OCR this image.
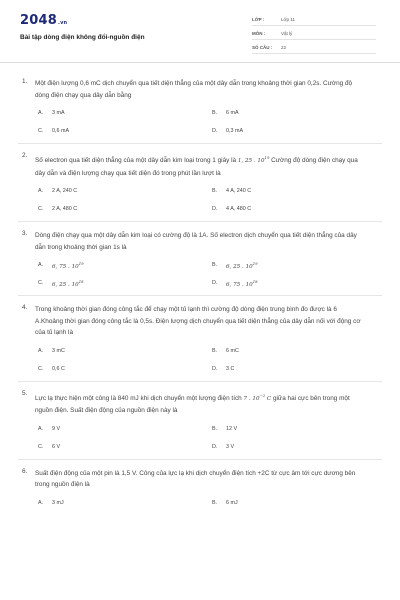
2048.vn
Bài tập dòng điện không đổi-nguồn điện
LỚP :	Lớp 11
MÔN :	Vật lý
SỐ CÂU :	22
1. Một điện lượng 0,6 mC dịch chuyển qua tiết diện thẳng của một dây dẫn trong khoảng thời gian 0,2s. Cường độ dòng điện chạy qua dây dẫn bằng
A.	3 mA	B.	6 mA
C.	0,6 mA	D.	0,3 mA
2.
Số electron qua tiết diện thẳng của một dây dẫn kim loại trong 1 giây là 1, 25 . $10^{19}$ Cường độ dòng điện chạy qua dây dẫn và điện lượng chạy qua tiết diện đó trong phút lần lượt là
A.	2 A, 240 C	B.	4 A, 240 C
C.	2 A, 480 C	D.	4 A, 480 C
3. Dòng điện chạy qua một dây dẫn kim loại có cường độ là 1A. Số electron dịch chuyển qua tiết diện thẳng của dây dẫn trong khoảng thời gian 1s là
A.	6, 75 . $10^{19}$	B.	6, 25 . $10^{19}$
C.	6, 25 . $10^{18}$	D.	6, 75 . $10^{18}$
4. Trong khoảng thời gian đóng công tắc để chạy một tủ lạnh thì cường độ dòng điện trung bình đo được là 6 A.Khoảng thời gian đóng công tắc là 0,5s. Điện lượng dịch chuyển qua tiết diện thẳng của dây dẫn nối với động cơ của tủ lạnh là
A.	3 mC	B.	6 mC
C.	0,6 C	D.	3 C
5.
Lực lạ thực hiện một công là 840 mJ khi dịch chuyển một lượng điện tích 7 . $10^{-2}$ C giữa hai cực bên trong một nguồn điện. Suất điện động của nguồn điện này là
A.	9 V	B.	12 V
C.	6 V	D.	3 V
6. Suất điện động của một pin là 1,5 V. Công của lực lạ khi dịch chuyển điện tích +2C từ cực âm tới cực dương bên trong nguồn điện là
A.	3 mJ	B.	6 mJ
